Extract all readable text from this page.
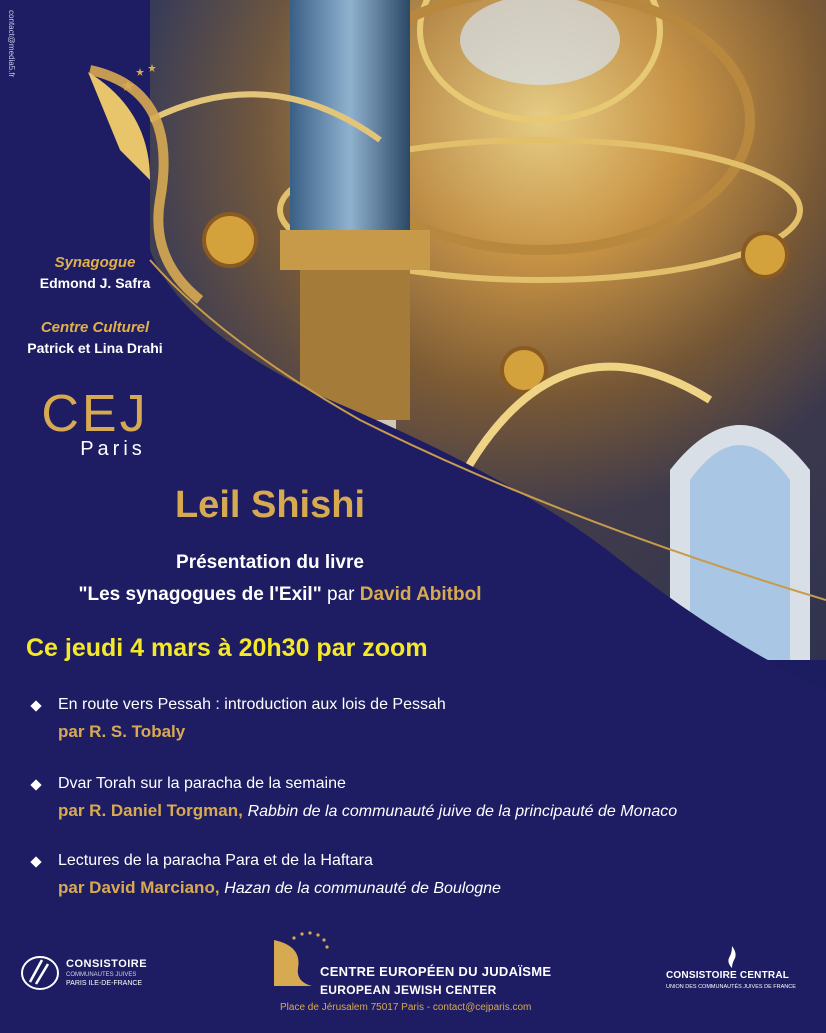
contact@media5.fr
Synagogue
Edmond J. Safra
Centre Culturel
Patrick et Lina Drahi
CEJ
Paris
Leil Shishi
Présentation du livre
"Les synagogues de l'Exil" par David Abitbol
Ce jeudi 4 mars à 20h30 par zoom
En route vers Pessah : introduction aux lois de Pessah
par R. S. Tobaly
Dvar Torah sur la paracha de la semaine
par R. Daniel Torgman, Rabbin de la communauté juive de la principauté de Monaco
Lectures de la paracha Para et de la Haftara
par David Marciano, Hazan de la communauté de Boulogne
CONSISTOIRE
COMMUNAUTES JUIVES
PARIS ILE-DE-FRANCE
CENTRE EUROPÉEN DU JUDAÏSME
EUROPEAN JEWISH CENTER
Place de Jérusalem 75017 Paris - contact@cejparis.com
CONSISTOIRE CENTRAL
UNION DES COMMUNAUTÉS JUIVES DE FRANCE
